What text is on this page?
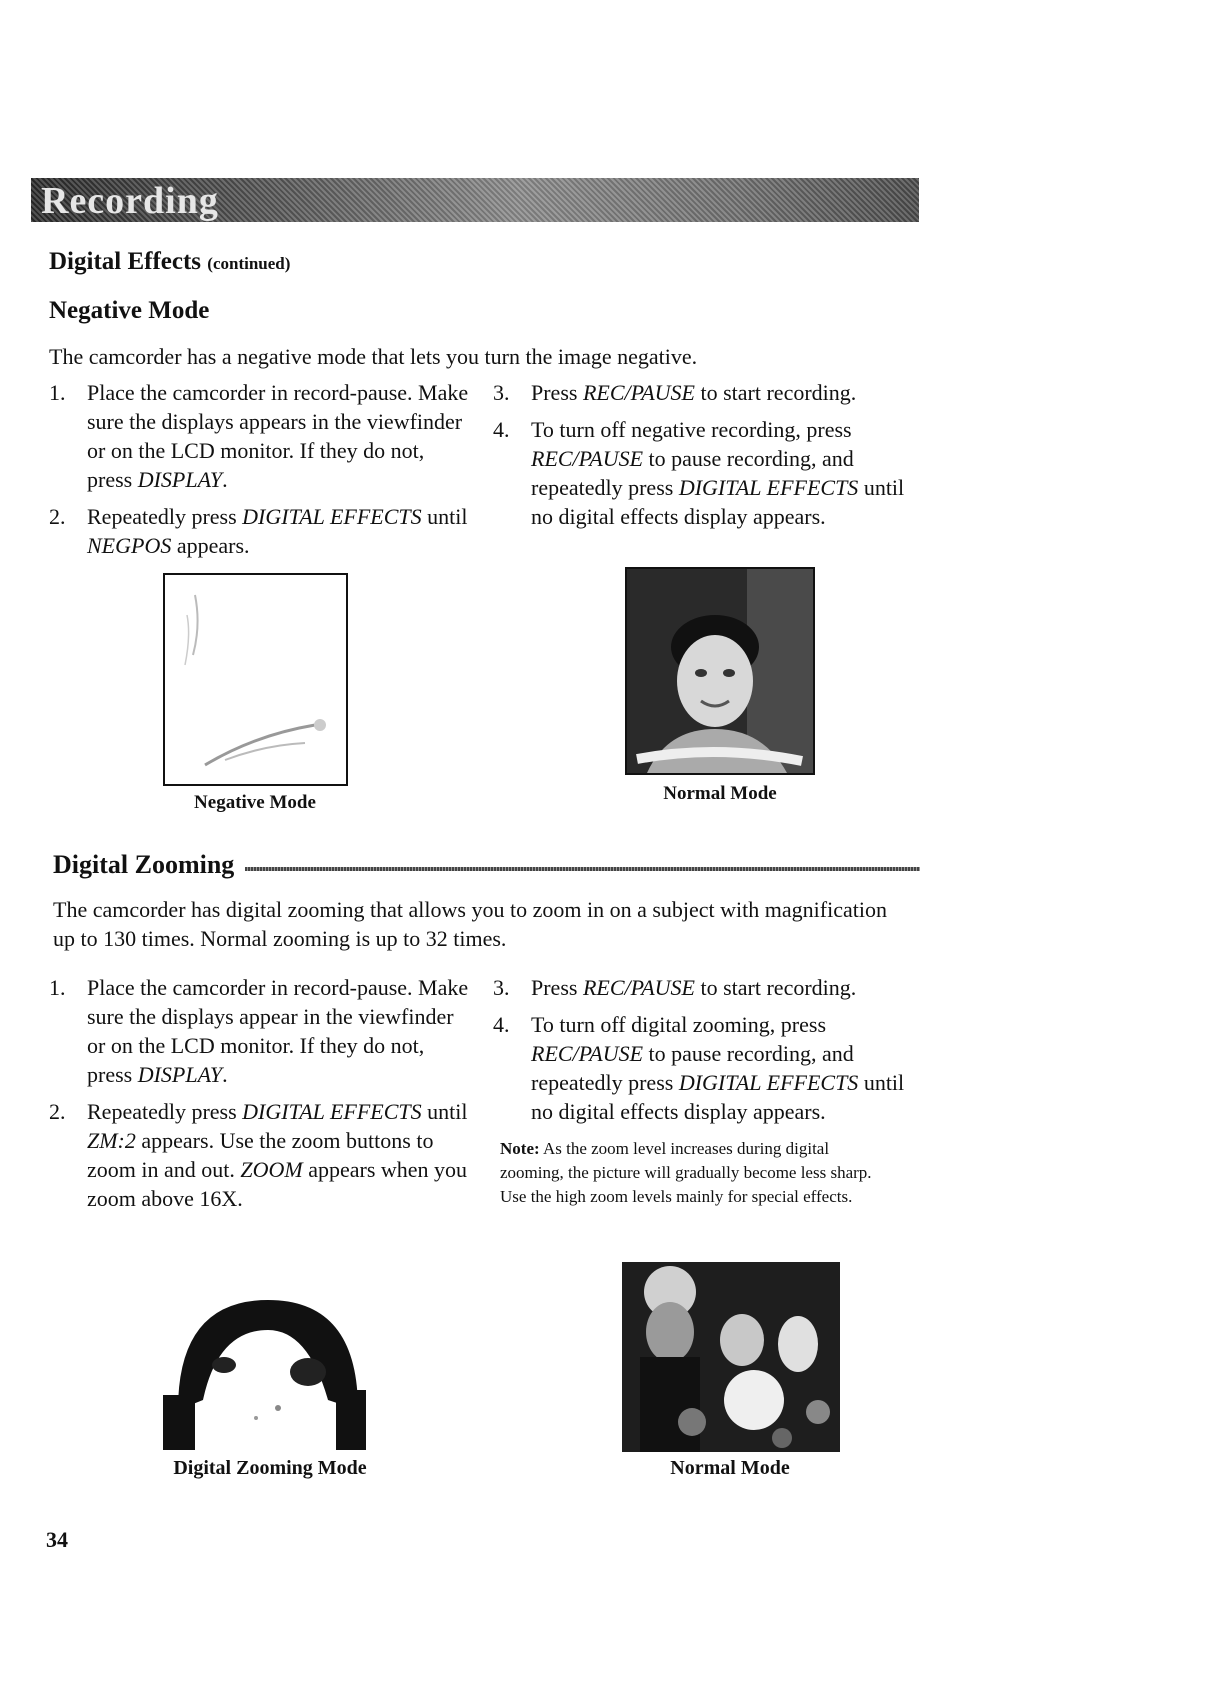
Recording
Digital Effects (continued)
Negative Mode
The camcorder has a negative mode that lets you turn the image negative.
1. Place the camcorder in record-pause. Make sure the displays appears in the viewfinder or on the LCD monitor. If they do not, press DISPLAY.
2. Repeatedly press DIGITAL EFFECTS until NEGPOS appears.
3. Press REC/PAUSE to start recording.
4. To turn off negative recording, press REC/PAUSE to pause recording, and repeatedly press DIGITAL EFFECTS until no digital effects display appears.
Negative Mode	Normal Mode
Digital Zooming
The camcorder has digital zooming that allows you to zoom in on a subject with magnification up to 130 times. Normal zooming is up to 32 times.
1. Place the camcorder in record-pause. Make sure the displays appear in the viewfinder or on the LCD monitor. If they do not, press DISPLAY.
2. Repeatedly press DIGITAL EFFECTS until ZM:2 appears. Use the zoom buttons to zoom in and out. ZOOM appears when you zoom above 16X.
3. Press REC/PAUSE to start recording.
4. To turn off digital zooming, press REC/PAUSE to pause recording, and repeatedly press DIGITAL EFFECTS until no digital effects display appears.
Note: As the zoom level increases during digital zooming, the picture will gradually become less sharp. Use the high zoom levels mainly for special effects.
Digital Zooming Mode	Normal Mode
34
